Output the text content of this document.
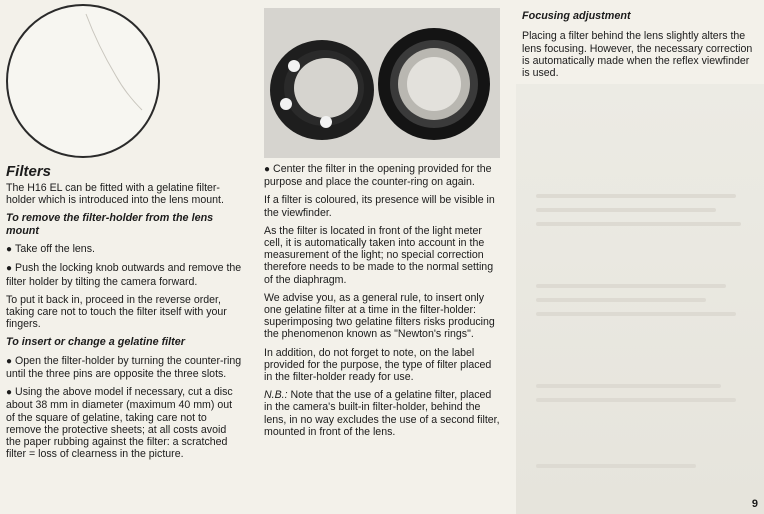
Filters

The H16 EL can be fitted with a gelatine filter-holder which is introduced into the lens mount.

To remove the filter-holder from the lens mount

● Take off the lens.

● Push the locking knob outwards and remove the filter holder by tilting the camera forward.

To put it back in, proceed in the reverse order, taking care not to touch the filter itself with your fingers.

To insert or change a gelatine filter

● Open the filter-holder by turning the counter-ring until the three pins are opposite the three slots.

● Using the above model if necessary, cut a disc about 38 mm in diameter (maximum 40 mm) out of the square of gelatine, taking care not to remove the protective sheets; at all costs avoid the paper rubbing against the filter: a scratched filter = loss of clearness in the picture.

● Center the filter in the opening provided for the purpose and place the counter-ring on again.

If a filter is coloured, its presence will be visible in the viewfinder.

As the filter is located in front of the light meter cell, it is automatically taken into account in the measurement of the light; no special correction therefore needs to be made to the normal setting of the diaphragm.

We advise you, as a general rule, to insert only one gelatine filter at a time in the filter-holder: superimposing two gelatine filters risks producing the phenomenon known as "Newton's rings".

In addition, do not forget to note, on the label provided for the purpose, the type of filter placed in the filter-holder ready for use.

N.B.: Note that the use of a gelatine filter, placed in the camera's built-in filter-holder, behind the lens, in no way excludes the use of a second filter, mounted in front of the lens.

Focusing adjustment

Placing a filter behind the lens slightly alters the lens focusing. However, the necessary correction is automatically made when the reflex viewfinder is used.

9
